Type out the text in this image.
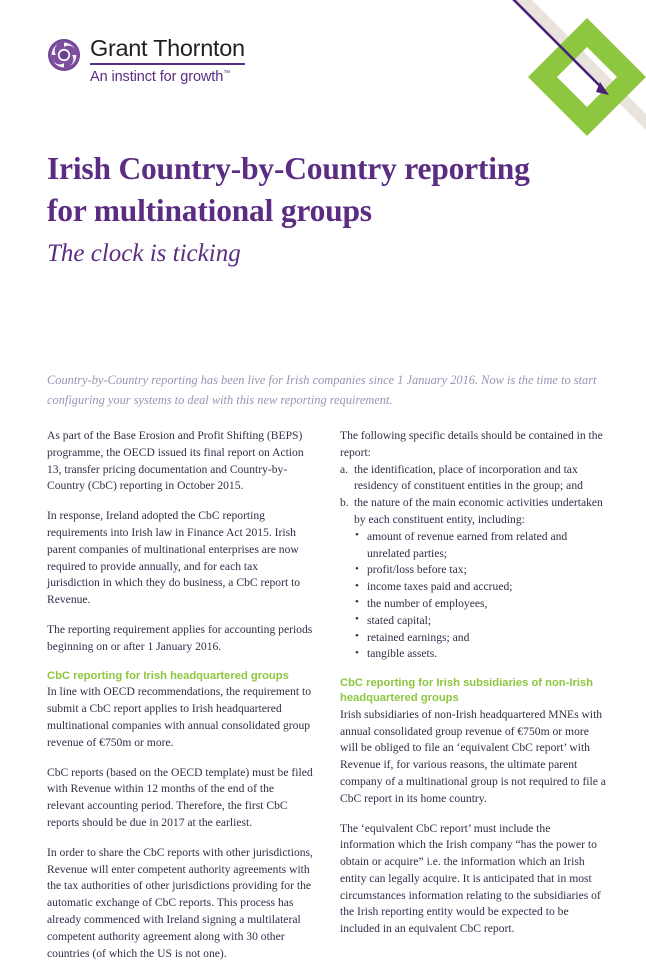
Grant Thornton
An instinct for growth™
Irish Country-by-Country reporting
for multinational groups
The clock is ticking
Country-by-Country reporting has been live for Irish companies since 1 January 2016. Now is the time to start configuring your systems to deal with this new reporting requirement.

As part of the Base Erosion and Profit Shifting (BEPS) programme, the OECD issued its final report on Action 13, transfer pricing documentation and Country-by-Country (CbC) reporting in October 2015.

In response, Ireland adopted the CbC reporting requirements into Irish law in Finance Act 2015. Irish parent companies of multinational enterprises are now required to provide annually, and for each tax jurisdiction in which they do business, a CbC report to Revenue.

The reporting requirement applies for accounting periods beginning on or after 1 January 2016.

CbC reporting for Irish headquartered groups

In line with OECD recommendations, the requirement to submit a CbC report applies to Irish headquartered multinational companies with annual consolidated group revenue of €750m or more.

CbC reports (based on the OECD template) must be filed with Revenue within 12 months of the end of the relevant accounting period. Therefore, the first CbC reports should be due in 2017 at the earliest.

In order to share the CbC reports with other jurisdictions, Revenue will enter competent authority agreements with the tax authorities of other jurisdictions providing for the automatic exchange of CbC reports. This process has already commenced with Ireland signing a multilateral competent authority agreement along with 30 other countries (of which the US is not one).

The following specific details should be contained in the report:

a. the identification, place of incorporation and tax residency of constituent entities in the group; and
b. the nature of the main economic activities undertaken by each constituent entity, including:
• amount of revenue earned from related and unrelated parties;
• profit/loss before tax;
• income taxes paid and accrued;
• the number of employees,
• stated capital;
• retained earnings; and
• tangible assets.
CbC reporting for Irish subsidiaries of non-Irish headquartered groups

Irish subsidiaries of non-Irish headquartered MNEs with annual consolidated group revenue of €750m or more will be obliged to file an ‘equivalent CbC report’ with Revenue if, for various reasons, the ultimate parent company of a multinational group is not required to file a CbC report in its home country.

The ‘equivalent CbC report’ must include the information which the Irish company “has the power to obtain or acquire” i.e. the information which an Irish entity can legally acquire. It is anticipated that in most circumstances information relating to the subsidiaries of the Irish reporting entity would be expected to be included in an equivalent CbC report.
